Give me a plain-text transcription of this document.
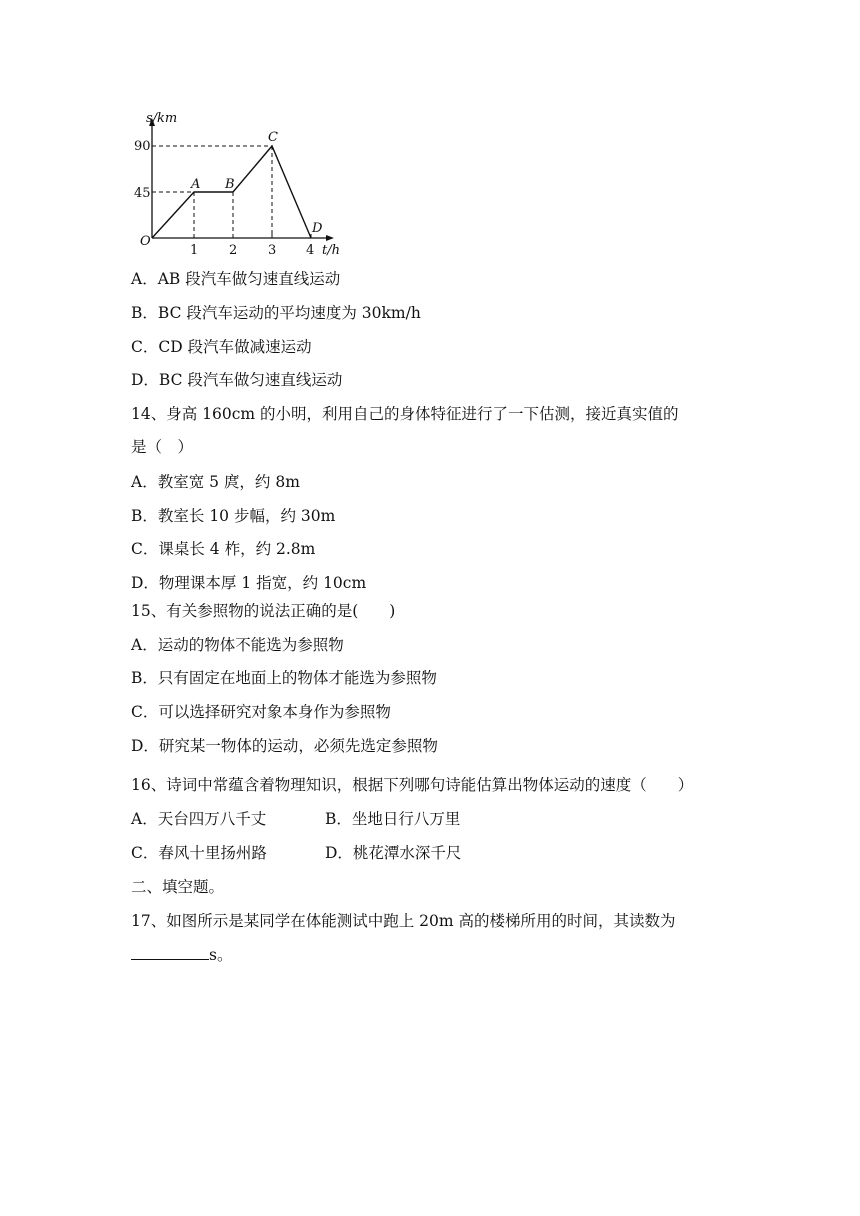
s/km
t/h
90
45
O
1 2 3 4
A B
C
D
A．AB 段汽车做匀速直线运动
B．BC 段汽车运动的平均速度为 30km/h
C．CD 段汽车做减速运动
D．BC 段汽车做匀速直线运动
14、身高 160cm 的小明，利用自己的身体特征进行了一下估测，接近真实值的
是（　）
A．教室宽 5 庹，约 8m
B．教室长 10 步幅，约 30m
C．课桌长 4 柞，约 2.8m
D．物理课本厚 1 指宽，约 10cm
15、有关参照物的说法正确的是(　　)
A．运动的物体不能选为参照物
B．只有固定在地面上的物体才能选为参照物
C．可以选择研究对象本身作为参照物
D．研究某一物体的运动，必须先选定参照物
16、诗词中常蕴含着物理知识，根据下列哪句诗能估算出物体运动的速度（　　）
A．天台四万八千丈	B．坐地日行八万里
C．春风十里扬州路	D．桃花潭水深千尺
二、填空题。
17、如图所示是某同学在体能测试中跑上 20m 高的楼梯所用的时间，其读数为
s。
